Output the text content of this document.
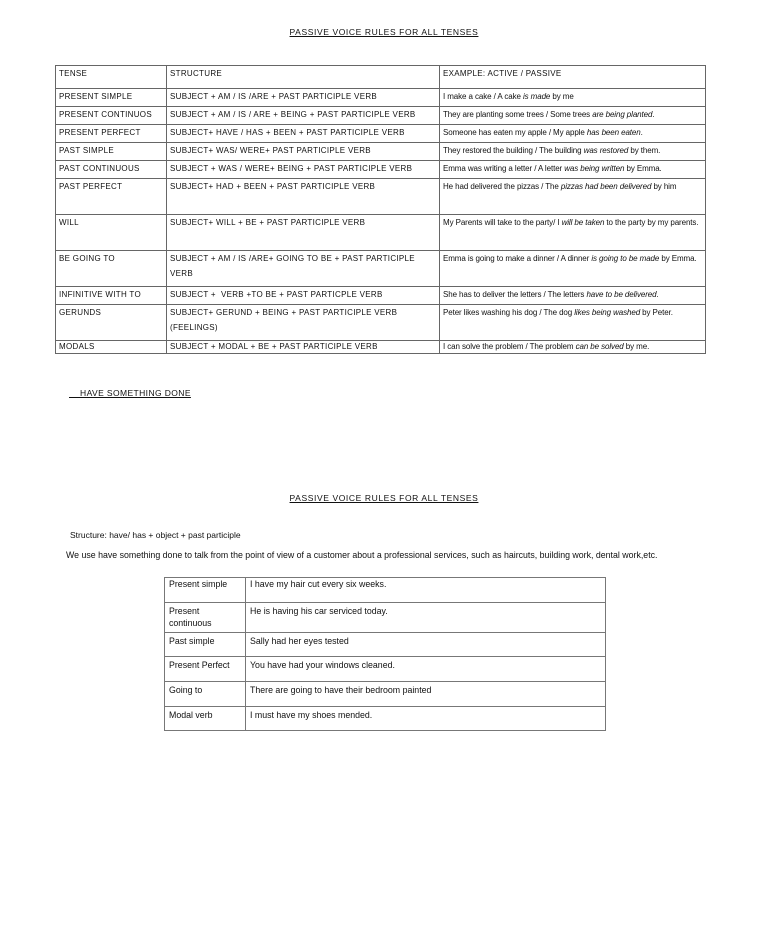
PASSIVE VOICE RULES FOR ALL TENSES
TENSE	STRUCTURE	EXAMPLE: ACTIVE / PASSIVE
PRESENT SIMPLE	SUBJECT + AM / IS /ARE + PAST PARTICIPLE VERB	I make a cake / A cake is made by me
PRESENT CONTINUOS	SUBJECT + AM / IS / ARE + BEING + PAST PARTICIPLE VERB	They are planting some trees / Some trees are being planted.
PRESENT PERFECT	SUBJECT+ HAVE / HAS + BEEN + PAST PARTICIPLE VERB	Someone has eaten my apple / My apple has been eaten.
PAST SIMPLE	SUBJECT+ WAS/ WERE+ PAST PARTICIPLE VERB	They restored the building / The building was restored by them.
PAST CONTINUOUS	SUBJECT + WAS / WERE+ BEING + PAST PARTICIPLE VERB	Emma was writing a letter / A letter was being written by Emma.
PAST PERFECT	SUBJECT+ HAD + BEEN + PAST PARTICIPLE VERB	He had delivered the pizzas / The pizzas had been delivered by him
WILL	SUBJECT+ WILL + BE + PAST PARTICIPLE VERB	My Parents will take to the party/ I will be taken to the party by my parents.
BE GOING TO	SUBJECT + AM / IS /ARE+ GOING TO BE + PAST PARTICIPLE VERB	Emma is going to make a dinner / A dinner is going to be made by Emma.
INFINITIVE WITH TO	SUBJECT +  VERB +TO BE + PAST PARTICPLE VERB	She has to deliver the letters / The letters have to be delivered.
GERUNDS	SUBJECT+ GERUND + BEING + PAST PARTICIPLE VERB (FEELINGS)	Peter likes washing his dog / The dog likes being washed by Peter.
MODALS	SUBJECT + MODAL + BE + PAST PARTICIPLE VERB	I can solve the problem / The problem can be solved by me.
HAVE SOMETHING DONE
PASSIVE VOICE RULES FOR ALL TENSES
Structure: have/ has + object + past participle
We use have something done to talk from the point of view of a customer about a professional services, such as haircuts, building work, dental work,etc.
Present simple	I have my hair cut every six weeks.
Present continuous	He is having his car serviced today.
Past simple	Sally had her eyes tested
Present Perfect	You have had your windows cleaned.
Going to	There are going to have their bedroom painted
Modal verb	I must have my shoes mended.
